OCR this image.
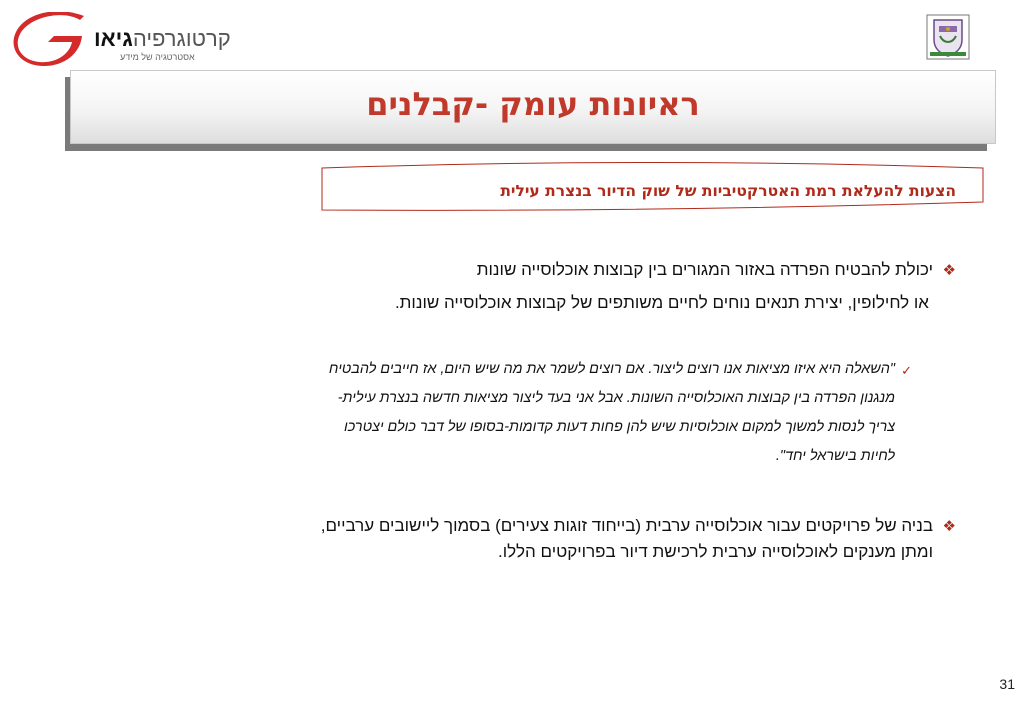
קרטוגרפיהגיאו
אסטרטגיה של מידע
ראיונות עומק -קבלנים
הצעות להעלאת רמת האטרקטיביות של שוק הדיור בנצרת עילית
❖
יכולת להבטיח הפרדה באזור המגורים בין קבוצות אוכלוסייה שונות
או לחילופין, יצירת תנאים נוחים לחיים משותפים של קבוצות אוכלוסייה שונות.
✓
"השאלה היא איזו מציאות אנו רוצים ליצור. אם רוצים לשמר את מה שיש היום, אז חייבים להבטיח
מנגנון הפרדה בין קבוצות האוכלוסייה השונות. אבל אני בעד ליצור מציאות חדשה בנצרת עילית-
צריך לנסות למשוך למקום אוכלוסיות שיש להן פחות דעות קדומות-בסופו של דבר כולם יצטרכו
לחיות בישראל יחד".
❖
בניה של פרויקטים עבור אוכלוסייה ערבית (בייחוד זוגות צעירים) בסמוך ליישובים ערביים,
ומתן מענקים לאוכלוסייה ערבית לרכישת דיור בפרויקטים הללו.
31
